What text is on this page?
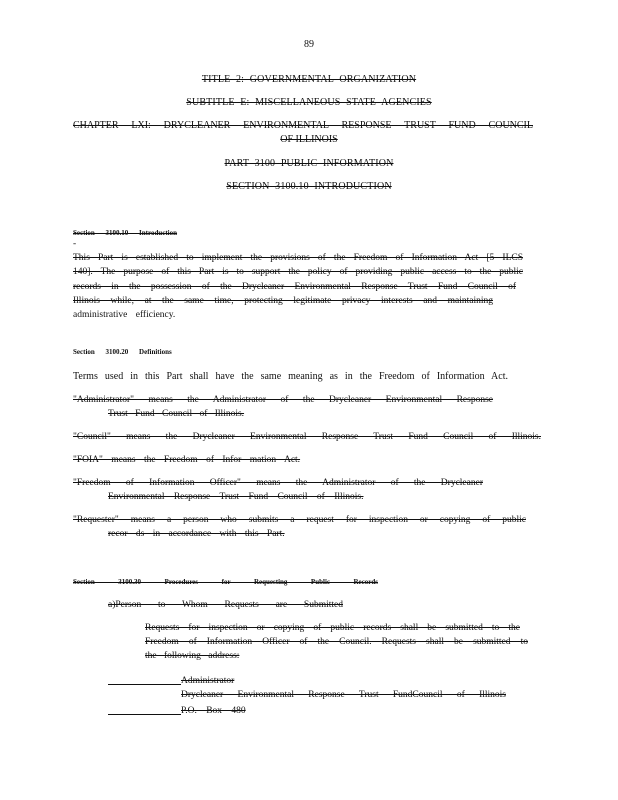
89
TITLE 2: GOVERNMENTAL ORGANIZATION
SUBTITLE E: MISCELLANEOUS STATE AGENCIES
CHAPTER LXI: DRYCLEANER ENVIRONMENTAL RESPONSE TRUST FUND COUNCIL
OF ILLINOIS
PART 3100 PUBLIC INFORMATION
SECTION 3100.10 INTRODUCTION
Section 3100.10 Introduction
-
This Part is established to implement the provisions of the Freedom of Information Act [5 ILCS
140]. The purpose of this Part is to support the policy of providing public access to the public
records in the possession of the Drycleaner Environmental Response Trust Fund Council of
Illinois while, at the same time, protecting legitimate privacy interests and maintaining
administrative efficiency.
Section 3100.20 Definitions
Terms used in this Part shall have the same meaning as in the Freedom of Information Act.
"Administrator" means the Administrator of the Drycleaner Environmental Response
Trust Fund Council of Illinois.
"Council" means the Drycleaner Environmental Response Trust Fund Council of Illinois.
"FOIA" means the Freedom of Infor mation Act.
"Freedom of Information Officer" means the Administrator of the Drycleaner
Environmental Response Trust Fund Council of Illinois.
"Requester" means a person who submits a request for inspection or copying of public
recor ds in accordance with this Part.
Section 3100.30 Procedures for Requesting Public Records
a)Person to Whom Requests are Submitted
Requests for inspection or copying of public records shall be submitted to the
Freedom of Information Officer of the Council. Requests shall be submitted to
the following address:
Administrator
Drycleaner Environmental Response Trust FundCouncil of Illinois
P.O. Box 480
